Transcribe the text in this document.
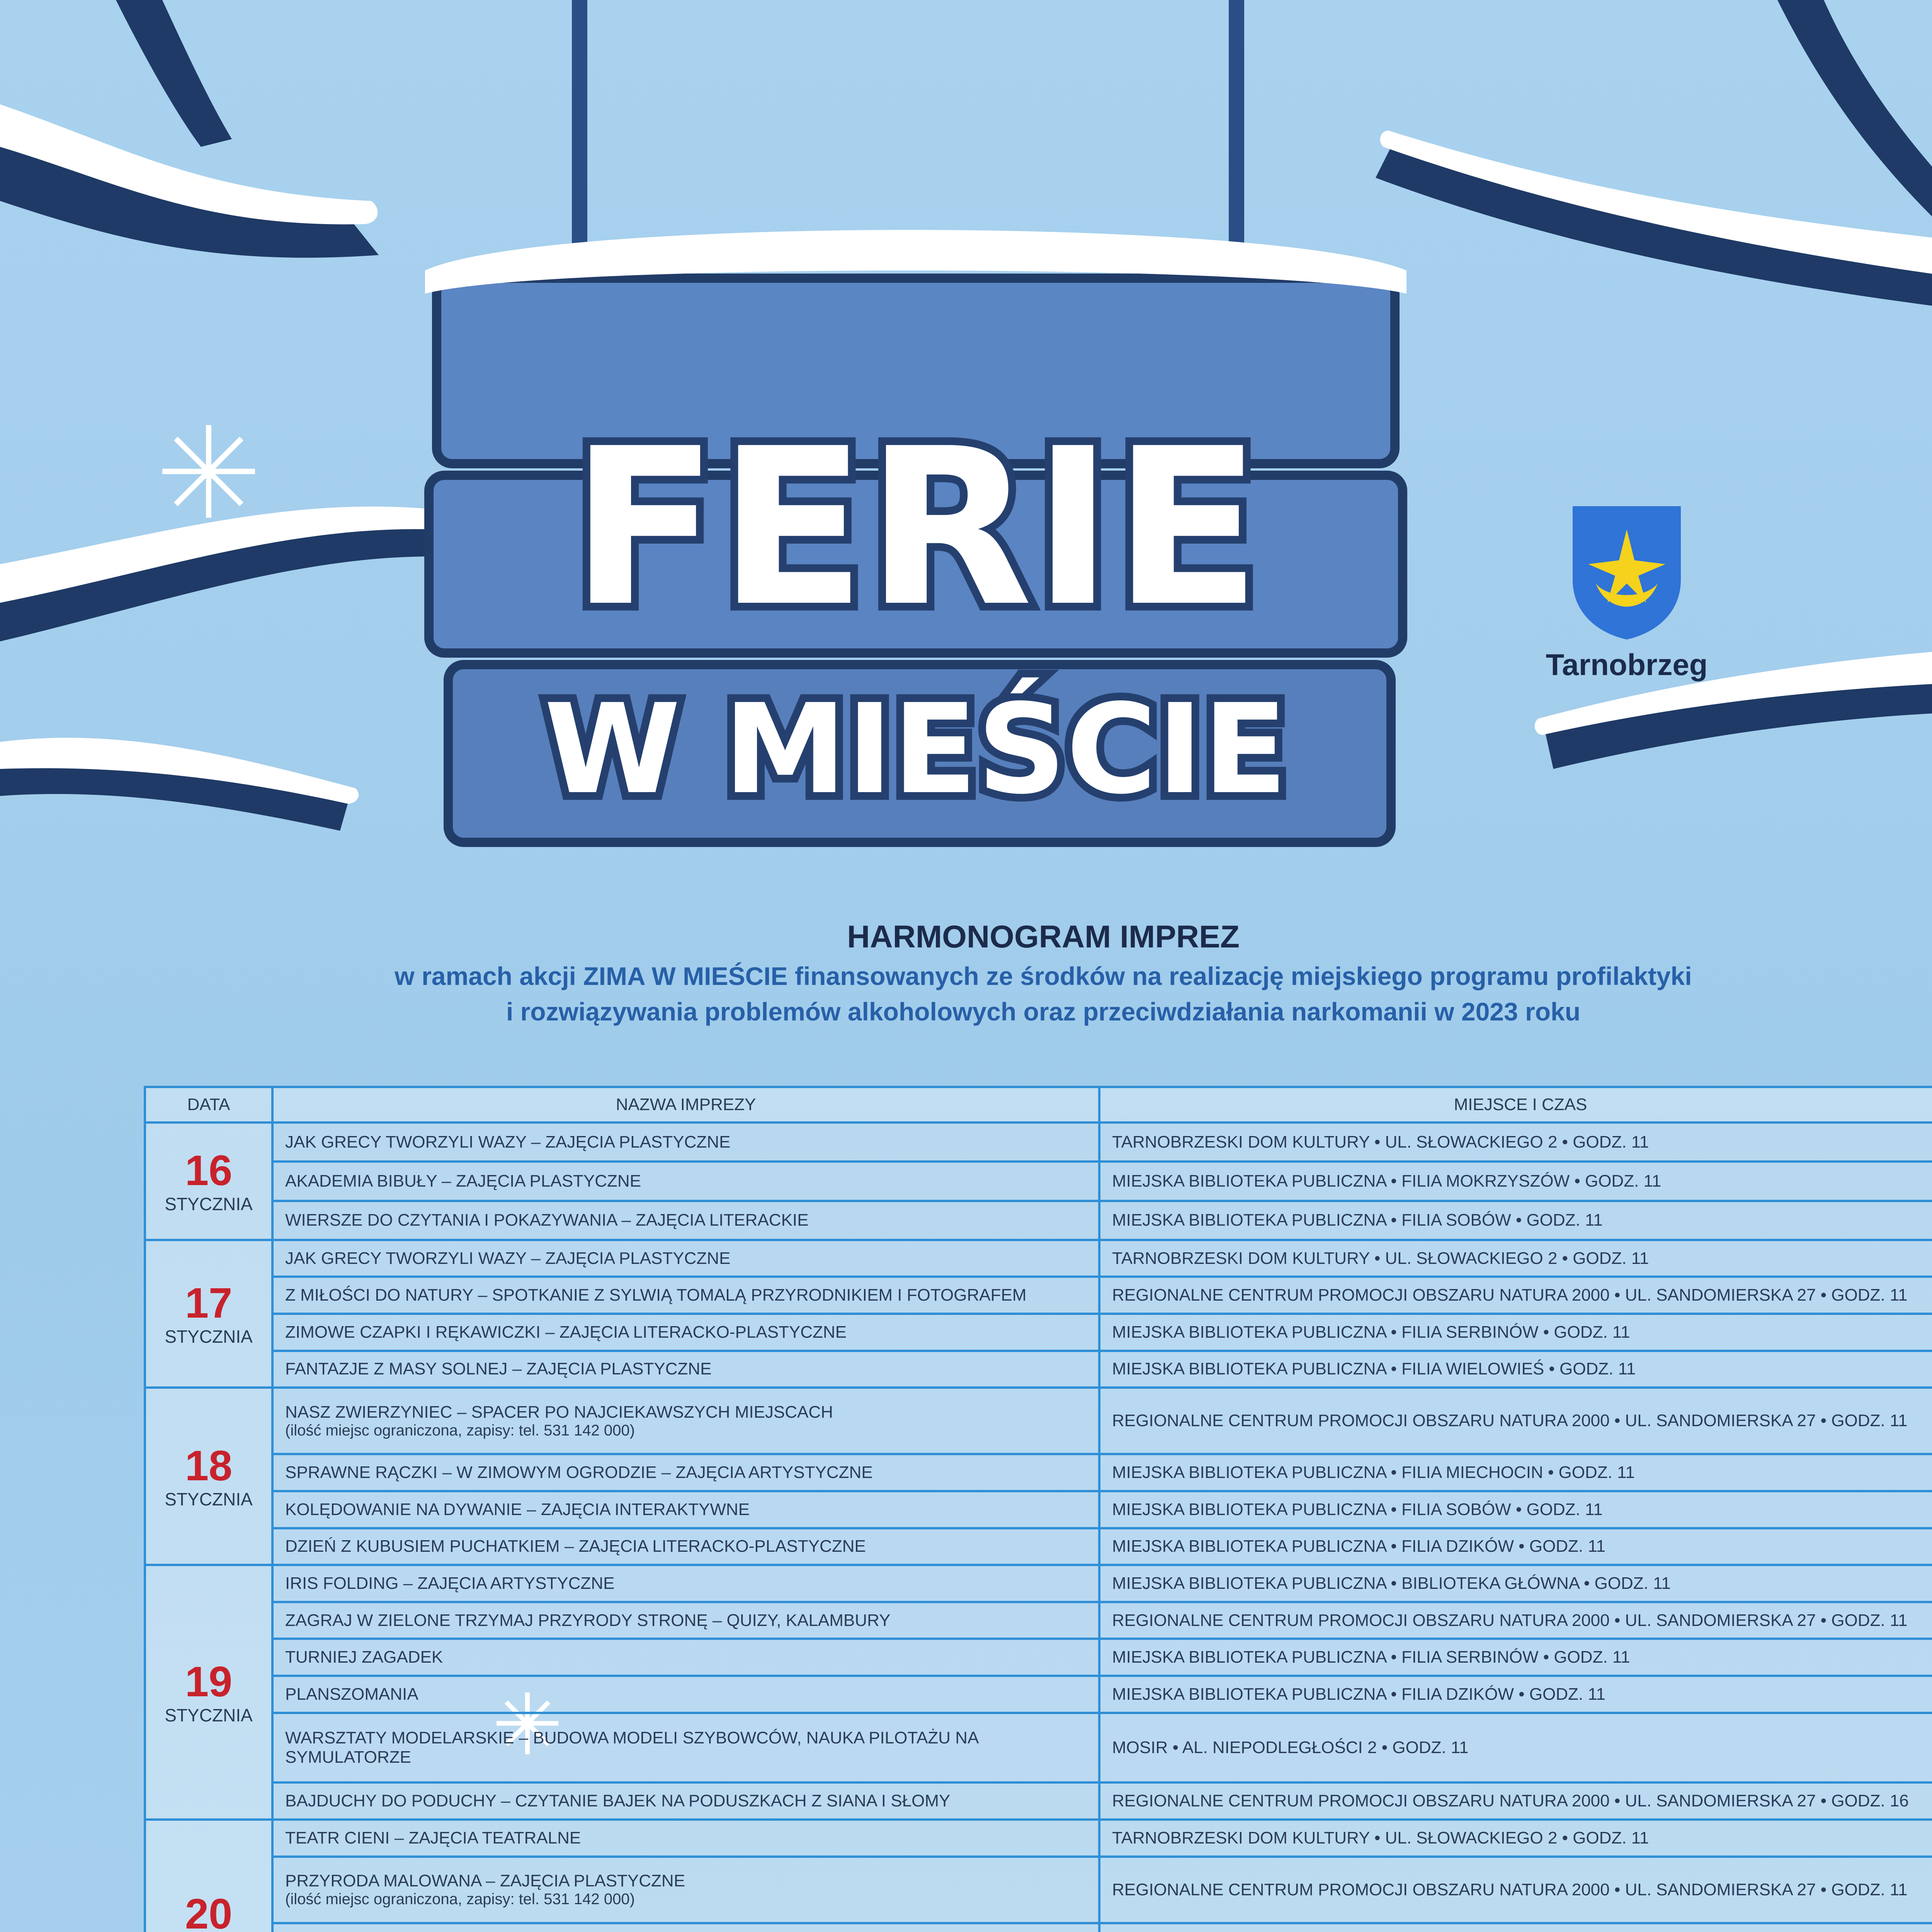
FERIE
W MIEŚCIE
Tarnobrzeg
HARMONOGRAM IMPREZ
w ramach akcji ZIMA W MIEŚCIE finansowanych ze środków na realizację miejskiego programu profilaktyki
i rozwiązywania problemów alkoholowych oraz przeciwdziałania narkomanii w 2023 roku
DATA	NAZWA IMPREZY	MIEJSCE I CZAS

16
STYCZNIA	JAK GRECY TWORZYLI WAZY – ZAJĘCIA PLASTYCZNE	TARNOBRZESKI DOM KULTURY • UL. SŁOWACKIEGO 2 • GODZ. 11
	AKADEMIA BIBUŁY – ZAJĘCIA PLASTYCZNE	MIEJSKA BIBLIOTEKA PUBLICZNA • FILIA MOKRZYSZÓW • GODZ. 11
	WIERSZE DO CZYTANIA I POKAZYWANIA – ZAJĘCIA LITERACKIE	MIEJSKA BIBLIOTEKA PUBLICZNA • FILIA SOBÓW • GODZ. 11

17
STYCZNIA	JAK GRECY TWORZYLI WAZY – ZAJĘCIA PLASTYCZNE	TARNOBRZESKI DOM KULTURY • UL. SŁOWACKIEGO 2 • GODZ. 11
	Z MIŁOŚCI DO NATURY – SPOTKANIE Z SYLWIĄ TOMALĄ PRZYRODNIKIEM I FOTOGRAFEM	REGIONALNE CENTRUM PROMOCJI OBSZARU NATURA 2000 • UL. SANDOMIERSKA 27 • GODZ. 11
	ZIMOWE CZAPKI I RĘKAWICZKI – ZAJĘCIA LITERACKO-PLASTYCZNE	MIEJSKA BIBLIOTEKA PUBLICZNA • FILIA SERBINÓW • GODZ. 11
	FANTAZJE Z MASY SOLNEJ – ZAJĘCIA PLASTYCZNE	MIEJSKA BIBLIOTEKA PUBLICZNA • FILIA WIELOWIEŚ • GODZ. 11

18
STYCZNIA	NASZ ZWIERZYNIEC – SPACER PO NAJCIEKAWSZYCH MIEJSCACH
(ilość miejsc ograniczona, zapisy: tel. 531 142 000)	REGIONALNE CENTRUM PROMOCJI OBSZARU NATURA 2000 • UL. SANDOMIERSKA 27 • GODZ. 11
	SPRAWNE RĄCZKI – W ZIMOWYM OGRODZIE – ZAJĘCIA ARTYSTYCZNE	MIEJSKA BIBLIOTEKA PUBLICZNA • FILIA MIECHOCIN • GODZ. 11
	KOLĘDOWANIE NA DYWANIE – ZAJĘCIA INTERAKTYWNE	MIEJSKA BIBLIOTEKA PUBLICZNA • FILIA SOBÓW • GODZ. 11
	DZIEŃ Z KUBUSIEM PUCHATKIEM – ZAJĘCIA LITERACKO-PLASTYCZNE	MIEJSKA BIBLIOTEKA PUBLICZNA • FILIA DZIKÓW • GODZ. 11

19
STYCZNIA	IRIS FOLDING – ZAJĘCIA ARTYSTYCZNE	MIEJSKA BIBLIOTEKA PUBLICZNA • BIBLIOTEKA GŁÓWNA • GODZ. 11
	ZAGRAJ W ZIELONE TRZYMAJ PRZYRODY STRONĘ – QUIZY, KALAMBURY	REGIONALNE CENTRUM PROMOCJI OBSZARU NATURA 2000 • UL. SANDOMIERSKA 27 • GODZ. 11
	TURNIEJ ZAGADEK	MIEJSKA BIBLIOTEKA PUBLICZNA • FILIA SERBINÓW • GODZ. 11
	PLANSZOMANIA	MIEJSKA BIBLIOTEKA PUBLICZNA • FILIA DZIKÓW • GODZ. 11
	WARSZTATY MODELARSKIE – BUDOWA MODELI SZYBOWCÓW, NAUKA PILOTAŻU NA SYMULATORZE	MOSIR • AL. NIEPODLEGŁOŚCI 2 • GODZ. 11
	BAJDUCHY DO PODUCHY – CZYTANIE BAJEK NA PODUSZKACH Z SIANA I SŁOMY	REGIONALNE CENTRUM PROMOCJI OBSZARU NATURA 2000 • UL. SANDOMIERSKA 27 • GODZ. 16

20	TEATR CIENI – ZAJĘCIA TEATRALNE	TARNOBRZESKI DOM KULTURY • UL. SŁOWACKIEGO 2 • GODZ. 11
	PRZYRODA MALOWANA – ZAJĘCIA PLASTYCZNE
(ilość miejsc ograniczona, zapisy: tel. 531 142 000)	REGIONALNE CENTRUM PROMOCJI OBSZARU NATURA 2000 • UL. SANDOMIERSKA 27 • GODZ. 11
